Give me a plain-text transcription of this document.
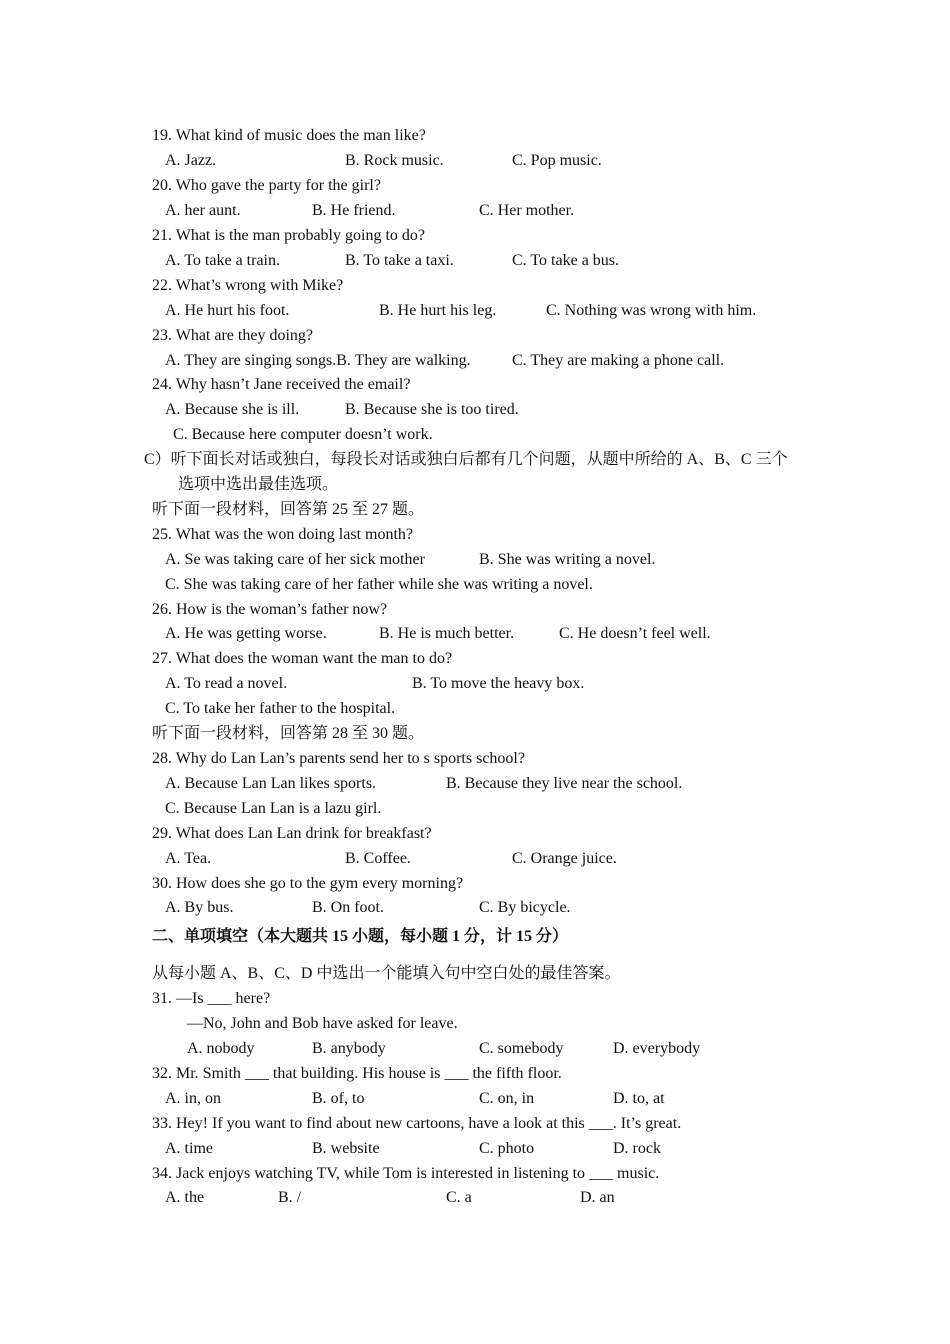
19. What kind of music does the man like?
A. Jazz.	B. Rock music.	C. Pop music.
20. Who gave the party for the girl?
A. her aunt.	B. He friend.	C. Her mother.
21. What is the man probably going to do?
A. To take a train.	B. To take a taxi.	C. To take a bus.
22. What’s wrong with Mike?
A. He hurt his foot.	B. He hurt his leg.	C. Nothing was wrong with him.
23. What are they doing?
A. They are singing songs.B. They are walking.	C. They are making a phone call.
24. Why hasn’t Jane received the email?
A. Because she is ill.	B. Because she is too tired.
C. Because here computer doesn’t work.
C）听下面长对话或独白，每段长对话或独白后都有几个问题，从题中所给的 A、B、C 三个
选项中选出最佳选项。
听下面一段材料，回答第 25 至 27 题。
25. What was the won doing last month?
A. Se was taking care of her sick mother	B. She was writing a novel.
C. She was taking care of her father while she was writing a novel.
26. How is the woman’s father now?
A. He was getting worse.	B. He is much better.	C. He doesn’t feel well.
27. What does the woman want the man to do?
A. To read a novel.	B. To move the heavy box.
C. To take her father to the hospital.
听下面一段材料，回答第 28 至 30 题。
28. Why do Lan Lan’s parents send her to s sports school?
A. Because Lan Lan likes sports.	B. Because they live near the school.
C. Because Lan Lan is a lazu girl.
29. What does Lan Lan drink for breakfast?
A. Tea.	B. Coffee.	C. Orange juice.
30. How does she go to the gym every morning?
A. By bus.	B. On foot.	C. By bicycle.
二、单项填空（本大题共 15 小题，每小题 1 分，计 15 分）
从每小题 A、B、C、D 中选出一个能填入句中空白处的最佳答案。
31. —Is ___ here?
—No, John and Bob have asked for leave.
A. nobody	B. anybody	C. somebody	D. everybody
32. Mr. Smith ___ that building. His house is ___ the fifth floor.
A. in, on	B. of, to	C. on, in	D. to, at
33. Hey! If you want to find about new cartoons, have a look at this ___. It’s great.
A. time	B. website	C. photo	D. rock
34. Jack enjoys watching TV, while Tom is interested in listening to ___ music.
A. the	B. /	C. a	D. an
